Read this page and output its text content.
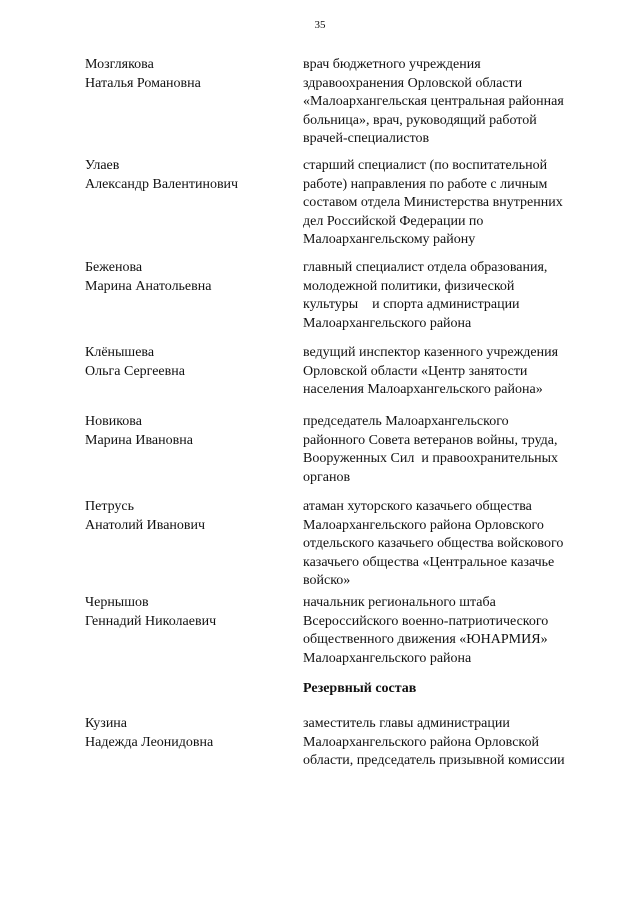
35
Мозглякова
Наталья Романовна
врач бюджетного учреждения
здравоохранения Орловской области
«Малоархангельская центральная районная
больница», врач, руководящий работой
врачей-специалистов
Улаев
Александр Валентинович
старший специалист (по воспитательной
работе) направления по работе с личным
составом отдела Министерства внутренних
дел Российской Федерации по
Малоархангельскому району
Беженова
Марина Анатольевна
главный специалист отдела образования,
молодежной политики, физической
культуры    и спорта администрации
Малоархангельского района
Клёнышева
Ольга Сергеевна
ведущий инспектор казенного учреждения
Орловской области «Центр занятости
населения Малоархангельского района»
Новикова
Марина Ивановна
председатель Малоархангельского
районного Совета ветеранов войны, труда,
Вооруженных Сил  и правоохранительных
органов
Петрусь
Анатолий Иванович
атаман хуторского казачьего общества
Малоархангельского района Орловского
отдельского казачьего общества войскового
казачьего общества «Центральное казачье
войско»
Чернышов
Геннадий Николаевич
начальник регионального штаба
Всероссийского военно-патриотического
общественного движения «ЮНАРМИЯ»
Малоархангельского района
Резервный состав
Кузина
Надежда Леонидовна
заместитель главы администрации
Малоархангельского района Орловской
области, председатель призывной комиссии
